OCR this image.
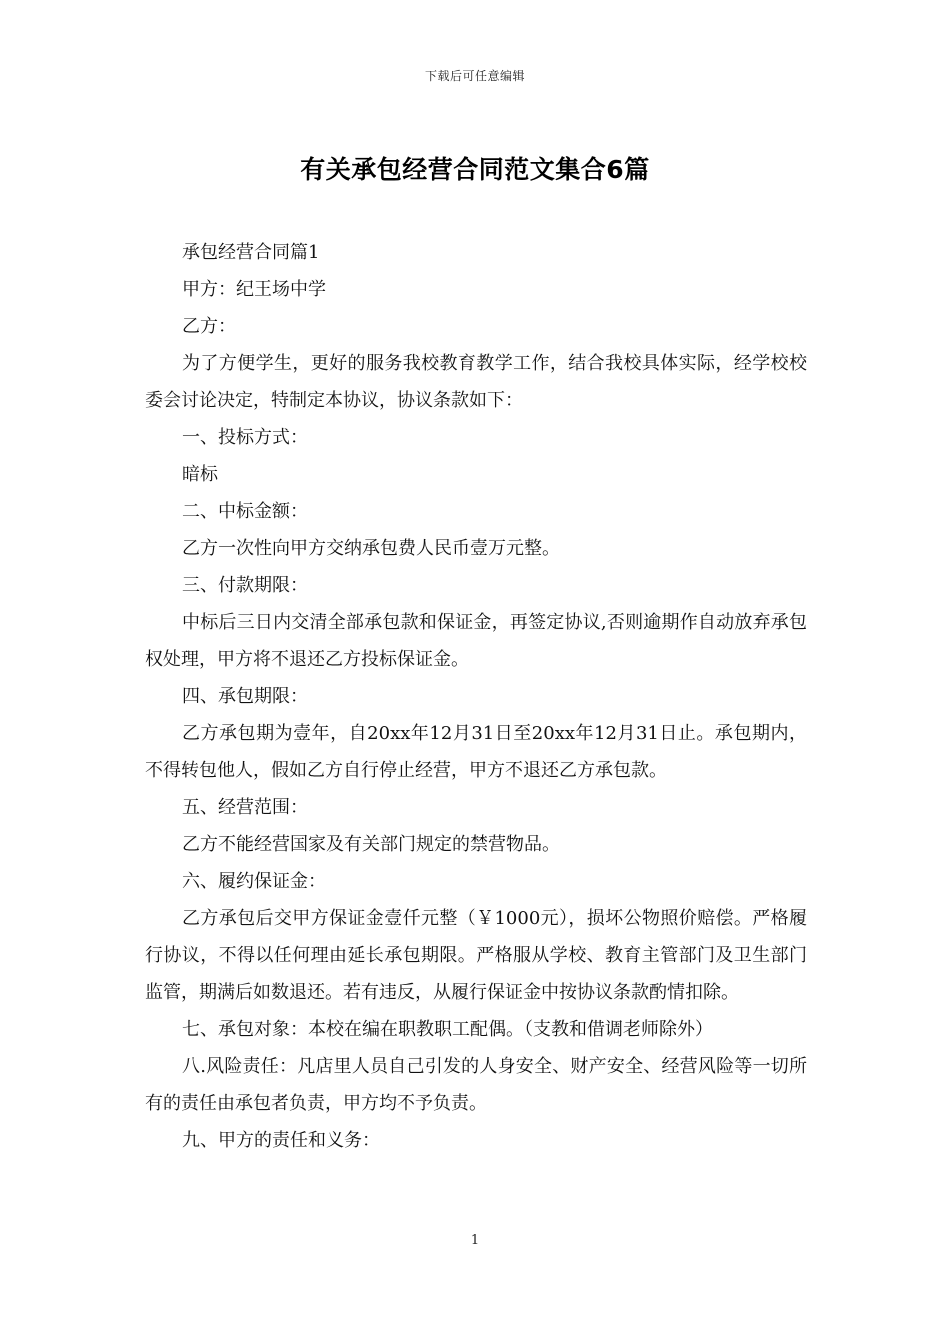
下载后可任意编辑
有关承包经营合同范文集合6篇

承包经营合同篇1

甲方：纪王场中学

乙方：

为了方便学生，更好的服务我校教育教学工作，结合我校具体实际，经学校校委会讨论决定，特制定本协议，协议条款如下：

一、投标方式：

暗标

二、中标金额：

乙方一次性向甲方交纳承包费人民币壹万元整。

三、付款期限：

中标后三日内交清全部承包款和保证金，再签定协议,否则逾期作自动放弃承包权处理，甲方将不退还乙方投标保证金。

四、承包期限：

乙方承包期为壹年，自20xx年12月31日至20xx年12月31日止。承包期内，不得转包他人，假如乙方自行停止经营，甲方不退还乙方承包款。

五、经营范围：

乙方不能经营国家及有关部门规定的禁营物品。

六、履约保证金：

乙方承包后交甲方保证金壹仟元整（￥1000元），损坏公物照价赔偿。严格履行协议，不得以任何理由延长承包期限。严格服从学校、教育主管部门及卫生部门监管，期满后如数退还。若有违反，从履行保证金中按协议条款酌情扣除。

七、承包对象：本校在编在职教职工配偶。（支教和借调老师除外）

八.风险责任：凡店里人员自己引发的人身安全、财产安全、经营风险等一切所有的责任由承包者负责，甲方均不予负责。

九、甲方的责任和义务：

1
